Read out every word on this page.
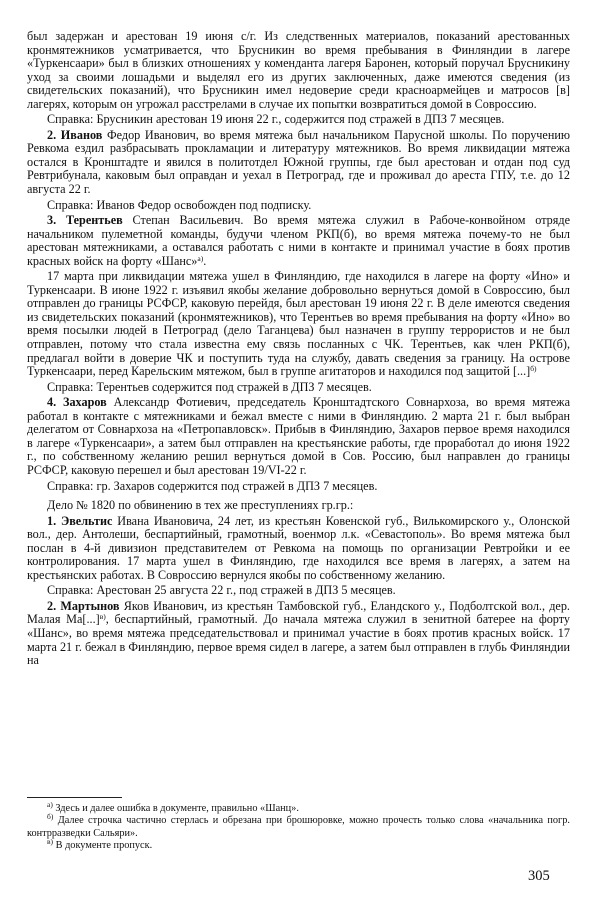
был задержан и арестован 19 июня с/г. Из следственных материалов, показаний арестованных кронмятежников усматривается, что Брусникин во время пребывания в Финляндии в лагере «Туркенсаари» был в близких отношениях у коменданта лагеря Баронен, который поручал Брусникину уход за своими лошадьми и выделял его из других заключенных, даже имеются сведения (из свидетельских показаний), что Брусникин имел недоверие среди красноармейцев и матросов [в] лагерях, которым он угрожал расстрелами в случае их попытки возвратиться домой в Совросcию.

Справка: Брусникин арестован 19 июня 22 г., содержится под стражей в ДПЗ 7 месяцев.

2. Иванов Федор Иванович, во время мятежа был начальником Парусной школы. По поручению Ревкома ездил разбрасывать прокламации и литературу мятежников. Во время ликвидации мятежа остался в Кронштадте и явился в политотдел Южной группы, где был арестован и отдан под суд Ревтрибунала, каковым был оправдан и уехал в Петроград, где и проживал до ареста ГПУ, т.е. до 12 августа 22 г.

Справка: Иванов Федор освобожден под подписку.

3. Терентьев Степан Васильевич. Во время мятежа служил в Рабоче-конвойном отряде начальником пулеметной команды, будучи членом РКП(б), во время мятежа почему-то не был арестован мятежниками, а оставался работать с ними в контакте и принимал участие в боях против красных войск на форту «Шанс»$^{а)}$.

17 марта при ликвидации мятежа ушел в Финляндию, где находился в лагере на форту «Ино» и Туркенсаари. В июне 1922 г. изъявил якобы желание добровольно вернуться домой в Совросcию, был отправлен до границы РСФСР, каковую перейдя, был арестован 19 июня 22 г. В деле имеются сведения из свидетельских показаний (кронмятежников), что Терентьев во время пребывания на форту «Ино» во время посылки людей в Петроград (дело Таганцева) был назначен в группу террористов и не был отправлен, потому что стала известна ему связь посланных с ЧК. Терентьев, как член РКП(б), предлагал войти в доверие ЧК и поступить туда на службу, давать сведения за границу. На острове Туркенсаари, перед Карельским мятежом, был в группе агитаторов и находился под защитой [...]$^{б)}$

Справка: Терентьев содержится под стражей в ДПЗ 7 месяцев.

4. Захаров Александр Фотиевич, председатель Кронштадтского Совнархоза, во время мятежа работал в контакте с мятежниками и бежал вместе с ними в Финляндию. 2 марта 21 г. был выбран делегатом от Совнархоза на «Петропавловск». Прибыв в Финляндию, Захаров первое время находился в лагере «Туркенсаари», а затем был отправлен на крестьянские работы, где проработал до июня 1922 г., по собственному желанию решил вернуться домой в Сов. Россию, был направлен до границы РСФСР, каковую перешел и был арестован 19/VI-22 г.

Справка: гр. Захаров содержится под стражей в ДПЗ 7 месяцев.

Дело № 1820 по обвинению в тех же преступлениях гр.гр.:

1. Эвельтис Ивана Ивановича, 24 лет, из крестьян Ковенской губ., Вилькомирского у., Олонской вол., дер. Антолеши, беспартийный, грамотный, военмор л.к. «Севастополь». Во время мятежа был послан в 4-й дивизион представителем от Ревкома на помощь по организации Ревтройки и ее контролирования. 17 марта ушел в Финляндию, где находился все время в лагерях, а затем на крестьянских работах. В Совросcию вернулся якобы по собственному желанию.

Справка: Арестован 25 августа 22 г., под стражей в ДПЗ 5 месяцев.

2. Мартынов Яков Иванович, из крестьян Тамбовской губ., Еландского у., Подболтской вол., дер. Малая Ма[...]$^{в)}$, беспартийный, грамотный. До начала мятежа служил в зенитной батерее на форту «Шанс», во время мятежа председательствовал и принимал участие в боях против красных войск. 17 марта 21 г. бежал в Финляндию, первое время сидел в лагере, а затем был отправлен в глубь Финляндии на

$^{а)}$ Здесь и далее ошибка в документе, правильно «Шанц».

$^{б)}$ Далее строчка частично стерлась и обрезана при брошюровке, можно прочесть только слова «начальника погр. контрразведки Сальяри».

$^{в)}$ В документе пропуск.

305
